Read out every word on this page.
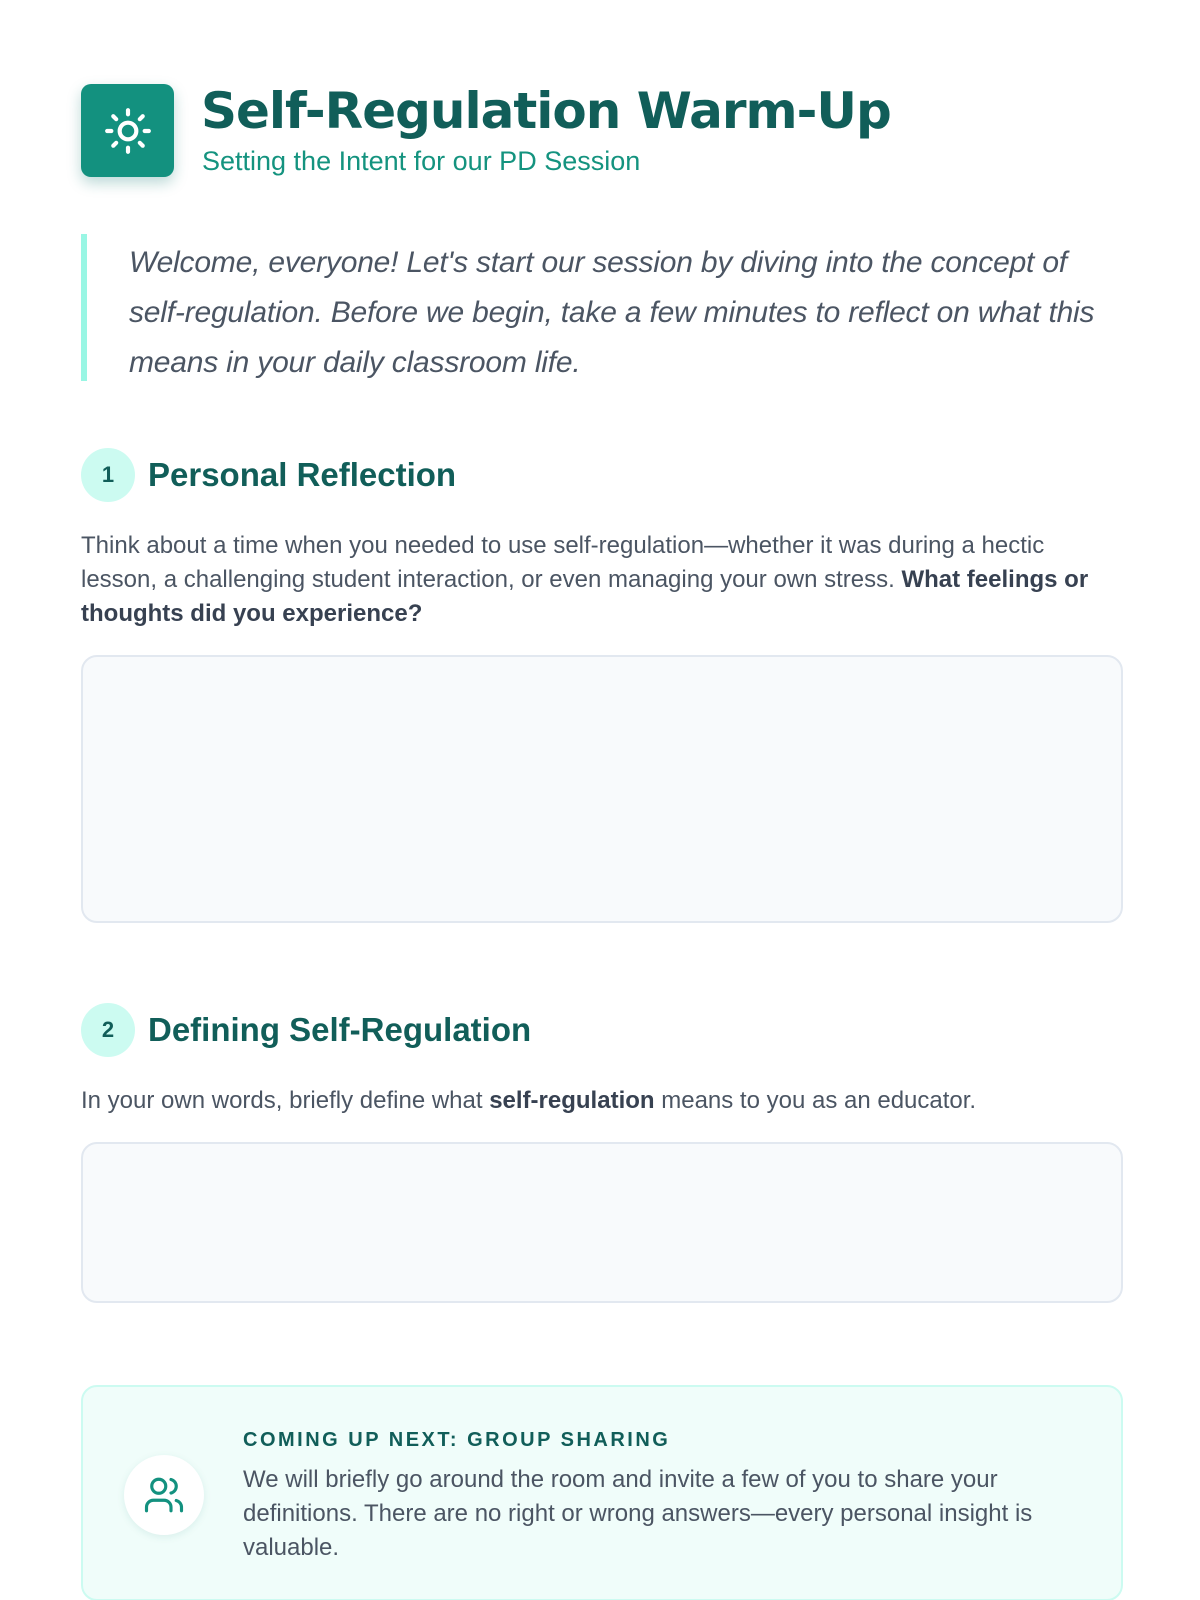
Self-Regulation Warm-Up
Setting the Intent for our PD Session

Welcome, everyone! Let's start our session by diving into the concept of self-regulation. Before we begin, take a few minutes to reflect on what this means in your daily classroom life.

1	Personal Reflection

Think about a time when you needed to use self-regulation—whether it was during a hectic lesson, a challenging student interaction, or even managing your own stress. What feelings or thoughts did you experience?

2	Defining Self-Regulation

In your own words, briefly define what self-regulation means to you as an educator.

COMING UP NEXT: GROUP SHARING

We will briefly go around the room and invite a few of you to share your definitions. There are no right or wrong answers—every personal insight is valuable.
